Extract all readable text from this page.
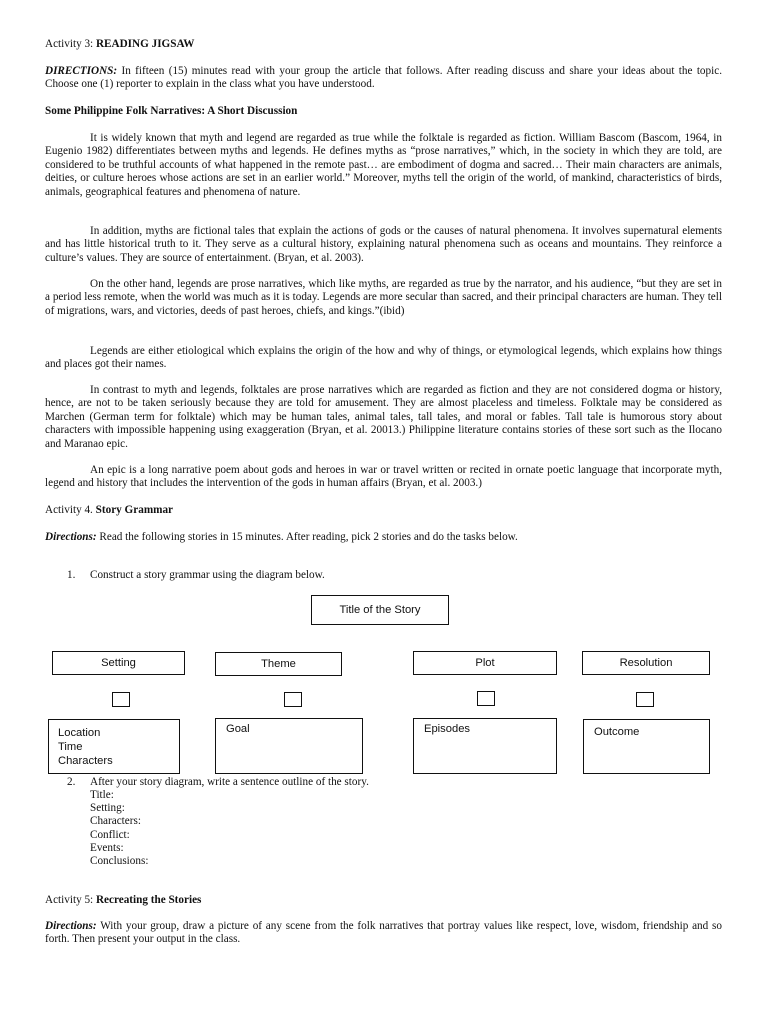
Activity 3: READING JIGSAW

DIRECTIONS: In fifteen (15) minutes read with your group the article that follows. After reading discuss and share your ideas about the topic. Choose one (1) reporter to explain in the class what you have understood.

Some Philippine Folk Narratives: A Short Discussion

It is widely known that myth and legend are regarded as true while the folktale is regarded as fiction. William Bascom (Bascom, 1964, in Eugenio 1982) differentiates between myths and legends. He defines myths as “prose narratives,” which, in the society in which they are told, are considered to be truthful accounts of what happened in the remote past… are embodiment of dogma and sacred… Their main characters are animals, deities, or culture heroes whose actions are set in an earlier world.” Moreover, myths tell the origin of the world, of mankind, characteristics of birds, animals, geographical features and phenomena of nature.

In addition, myths are fictional tales that explain the actions of gods or the causes of natural phenomena. It involves supernatural elements and has little historical truth to it. They serve as a cultural history, explaining natural phenomena such as oceans and mountains. They reinforce a culture’s values. They are source of entertainment. (Bryan, et al. 2003).

On the other hand, legends are prose narratives, which like myths, are regarded as true by the narrator, and his audience, “but they are set in a period less remote, when the world was much as it is today. Legends are more secular than sacred, and their principal characters are human. They tell of migrations, wars, and victories, deeds of past heroes, chiefs, and kings.”(ibid)

Legends are either etiological which explains the origin of the how and why of things, or etymological legends, which explains how things and places got their names.

In contrast to myth and legends, folktales are prose narratives which are regarded as fiction and they are not considered dogma or history, hence, are not to be taken seriously because they are told for amusement. They are almost placeless and timeless. Folktale may be considered as Marchen (German term for folktale) which may be human tales, animal tales, tall tales, and moral or fables. Tall tale is humorous story about characters with impossible happening using exaggeration (Bryan, et al. 20013.) Philippine literature contains stories of these sort such as the Ilocano and Maranao epic.

An epic is a long narrative poem about gods and heroes in war or travel written or recited in ornate poetic language that incorporate myth, legend and history that includes the intervention of the gods in human affairs (Bryan, et al. 2003.)

Activity 4. Story Grammar

Directions: Read the following stories in 15 minutes. After reading, pick 2 stories and do the tasks below.

1. Construct a story grammar using the diagram below.
Title of the Story
Setting	Theme	Plot	Resolution
Location
Time
Characters
Goal	Episodes	Outcome
2. After your story diagram, write a sentence outline of the story.
Title:
Setting:
Characters:
Conflict:
Events:
Conclusions:

Activity 5: Recreating the Stories

Directions: With your group, draw a picture of any scene from the folk narratives that portray values like respect, love, wisdom, friendship and so forth. Then present your output in the class.
